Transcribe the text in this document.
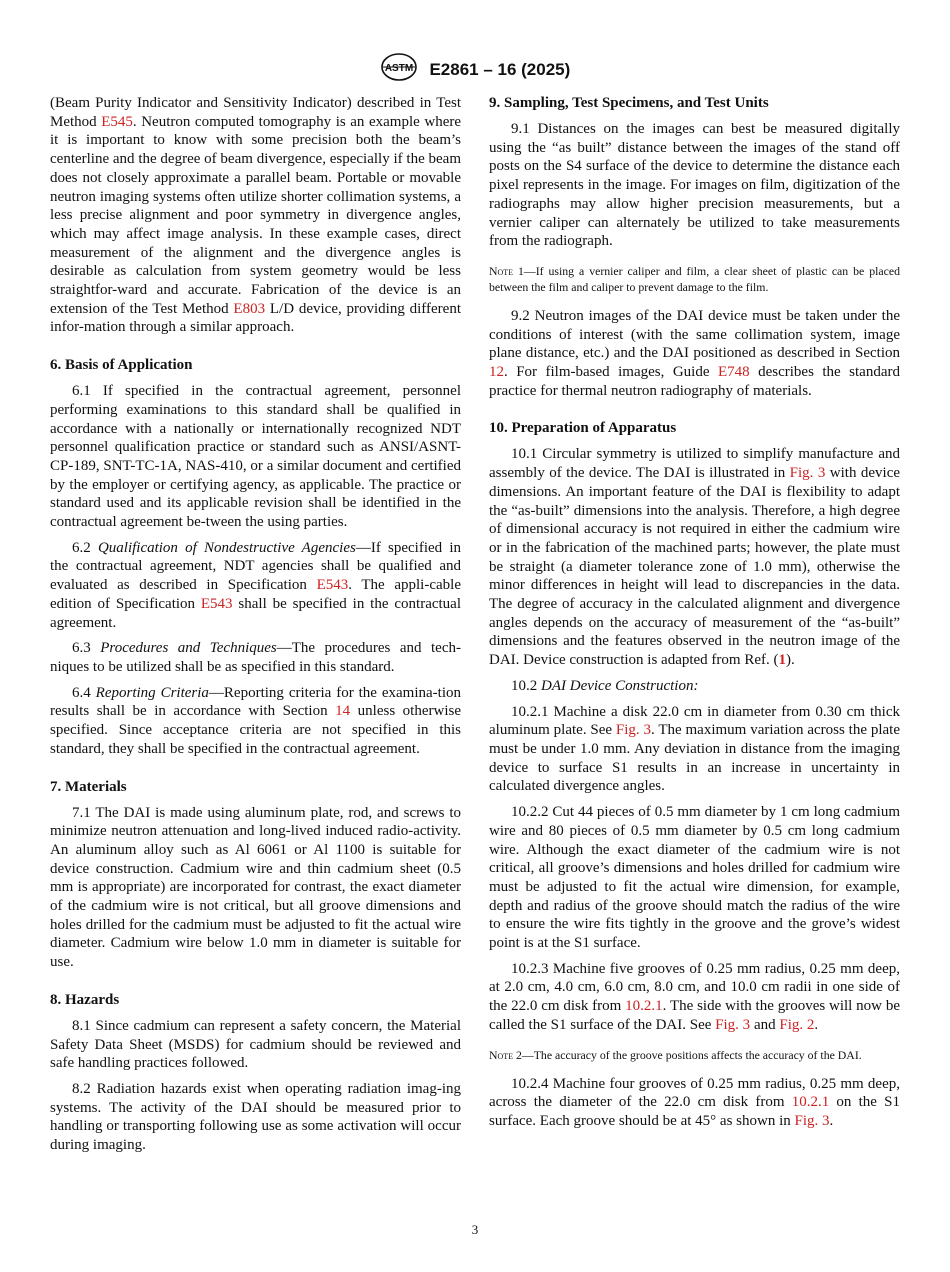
ASTM E2861 – 16 (2025)

(Beam Purity Indicator and Sensitivity Indicator) described in Test Method E545. Neutron computed tomography is an example where it is important to know with some precision both the beam’s centerline and the degree of beam divergence, especially if the beam does not closely approximate a parallel beam. Portable or movable neutron imaging systems often utilize shorter collimation systems, a less precise alignment and poor symmetry in divergence angles, which may affect image analysis. In these example cases, direct measurement of the alignment and the divergence angles is desirable as calculation from system geometry would be less straightfor-ward and accurate. Fabrication of the device is an extension of the Test Method E803 L/D device, providing different infor-mation through a similar approach.

6. Basis of Application

6.1 If specified in the contractual agreement, personnel performing examinations to this standard shall be qualified in accordance with a nationally or internationally recognized NDT personnel qualification practice or standard such as ANSI/ASNT-CP-189, SNT-TC-1A, NAS-410, or a similar document and certified by the employer or certifying agency, as applicable. The practice or standard used and its applicable revision shall be identified in the contractual agreement be-tween the using parties.

6.2 Qualification of Nondestructive Agencies—If specified in the contractual agreement, NDT agencies shall be qualified and evaluated as described in Specification E543. The appli-cable edition of Specification E543 shall be specified in the contractual agreement.

6.3 Procedures and Techniques—The procedures and tech-niques to be utilized shall be as specified in this standard.

6.4 Reporting Criteria—Reporting criteria for the examina-tion results shall be in accordance with Section 14 unless otherwise specified. Since acceptance criteria are not specified in this standard, they shall be specified in the contractual agreement.

7. Materials

7.1 The DAI is made using aluminum plate, rod, and screws to minimize neutron attenuation and long-lived induced radio-activity. An aluminum alloy such as Al 6061 or Al 1100 is suitable for device construction. Cadmium wire and thin cadmium sheet (0.5 mm is appropriate) are incorporated for contrast, the exact diameter of the cadmium wire is not critical, but all groove dimensions and holes drilled for the cadmium must be adjusted to fit the actual wire diameter. Cadmium wire below 1.0 mm in diameter is suitable for use.

8. Hazards

8.1 Since cadmium can represent a safety concern, the Material Safety Data Sheet (MSDS) for cadmium should be reviewed and safe handling practices followed.

8.2 Radiation hazards exist when operating radiation imag-ing systems. The activity of the DAI should be measured prior to handling or transporting following use as some activation will occur during imaging.

9. Sampling, Test Specimens, and Test Units

9.1 Distances on the images can best be measured digitally using the “as built” distance between the images of the stand off posts on the S4 surface of the device to determine the distance each pixel represents in the image. For images on film, digitization of the radiographs may allow higher precision measurements, but a vernier caliper can alternately be utilized to take measurements from the radiograph.

Note 1—If using a vernier caliper and film, a clear sheet of plastic can be placed between the film and caliper to prevent damage to the film.

9.2 Neutron images of the DAI device must be taken under the conditions of interest (with the same collimation system, image plane distance, etc.) and the DAI positioned as described in Section 12. For film-based images, Guide E748 describes the standard practice for thermal neutron radiography of materials.

10. Preparation of Apparatus

10.1 Circular symmetry is utilized to simplify manufacture and assembly of the device. The DAI is illustrated in Fig. 3 with device dimensions. An important feature of the DAI is flexibility to adapt the “as-built” dimensions into the analysis. Therefore, a high degree of dimensional accuracy is not required in either the cadmium wire or in the fabrication of the machined parts; however, the plate must be straight (a diameter tolerance zone of 1.0 mm), otherwise the minor differences in height will lead to discrepancies in the data. The degree of accuracy in the calculated alignment and divergence angles depends on the accuracy of measurement of the “as-built” dimensions and the features observed in the neutron image of the DAI. Device construction is adapted from Ref. (1).

10.2 DAI Device Construction:

10.2.1 Machine a disk 22.0 cm in diameter from 0.30 cm thick aluminum plate. See Fig. 3. The maximum variation across the plate must be under 1.0 mm. Any deviation in distance from the imaging device to surface S1 results in an increase in uncertainty in calculated divergence angles.

10.2.2 Cut 44 pieces of 0.5 mm diameter by 1 cm long cadmium wire and 80 pieces of 0.5 mm diameter by 0.5 cm long cadmium wire. Although the exact diameter of the cadmium wire is not critical, all groove’s dimensions and holes drilled for cadmium wire must be adjusted to fit the actual wire dimension, for example, depth and radius of the groove should match the radius of the wire to ensure the wire fits tightly in the groove and the grove’s widest point is at the S1 surface.

10.2.3 Machine five grooves of 0.25 mm radius, 0.25 mm deep, at 2.0 cm, 4.0 cm, 6.0 cm, 8.0 cm, and 10.0 cm radii in one side of the 22.0 cm disk from 10.2.1. The side with the grooves will now be called the S1 surface of the DAI. See Fig. 3 and Fig. 2.

Note 2—The accuracy of the groove positions affects the accuracy of the DAI.

10.2.4 Machine four grooves of 0.25 mm radius, 0.25 mm deep, across the diameter of the 22.0 cm disk from 10.2.1 on the S1 surface. Each groove should be at 45° as shown in Fig. 3.

3
